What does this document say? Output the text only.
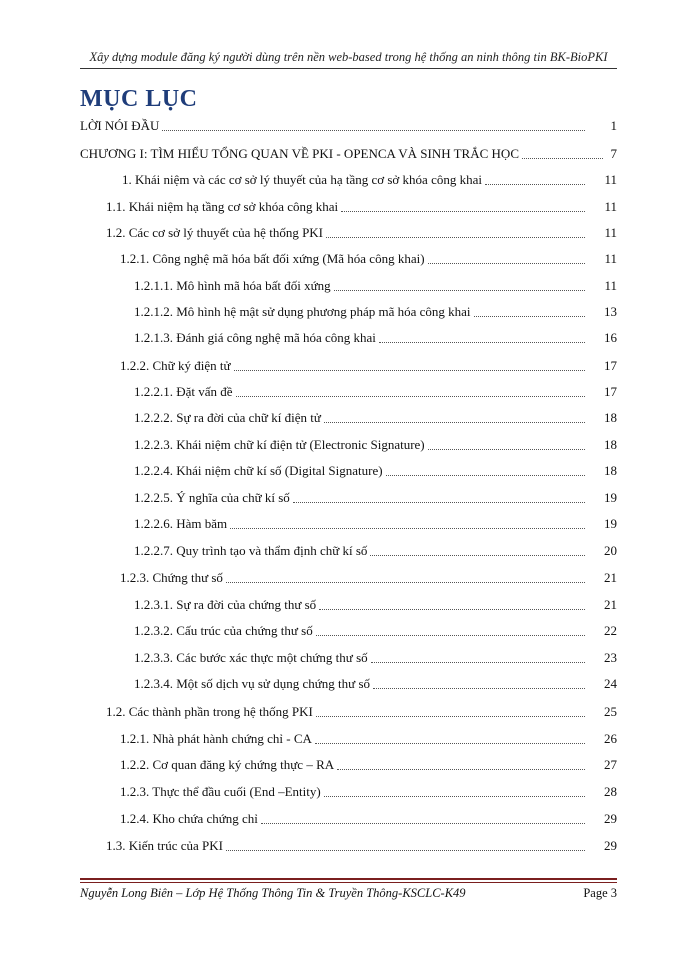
Xây dựng module đăng ký người dùng trên nền web-based trong hệ thống an ninh thông tin BK-BioPKI
MỤC LỤC
LỜI NÓI ĐẦU	1
CHƯƠNG I: TÌM HIỂU TỔNG QUAN VỀ PKI - OPENCA VÀ SINH TRẮC HỌC	7
1. Khái niệm và các cơ sở lý thuyết của hạ tầng cơ sở khóa công khai	11
1.1. Khái niệm hạ tầng cơ sở khóa công khai	11
1.2. Các cơ sở lý thuyết của hệ thống PKI	11
1.2.1. Công nghệ mã hóa bất đối xứng (Mã hóa công khai)	11
1.2.1.1. Mô hình mã hóa bất đối xứng	11
1.2.1.2. Mô hình hệ mật sử dụng phương pháp mã hóa công khai	13
1.2.1.3. Đánh giá công nghệ mã hóa công khai	16
1.2.2. Chữ ký điện tử	17
1.2.2.1. Đặt vấn đề	17
1.2.2.2. Sự ra đời của chữ kí điện tử	18
1.2.2.3. Khái niệm chữ kí điện tử (Electronic Signature)	18
1.2.2.4. Khái niệm chữ kí số (Digital Signature)	18
1.2.2.5. Ý nghĩa của chữ kí số	19
1.2.2.6. Hàm băm	19
1.2.2.7. Quy trình tạo và thẩm định chữ kí số	20
1.2.3. Chứng thư số	21
1.2.3.1. Sự ra đời của chứng thư số	21
1.2.3.2. Cấu trúc của chứng thư số	22
1.2.3.3. Các bước xác thực một chứng thư số	23
1.2.3.4. Một số dịch vụ sử dụng chứng thư số	24
1.2. Các thành phần trong hệ thống PKI	25
1.2.1. Nhà phát hành chứng chỉ - CA	26
1.2.2. Cơ quan đăng ký chứng thực – RA	27
1.2.3. Thực thể đầu cuối (End –Entity)	28
1.2.4. Kho chứa chứng chỉ	29
1.3. Kiến trúc của PKI	29
Nguyễn Long Biên – Lớp Hệ Thống Thông Tin & Truyền Thông-KSCLC-K49	Page 3
